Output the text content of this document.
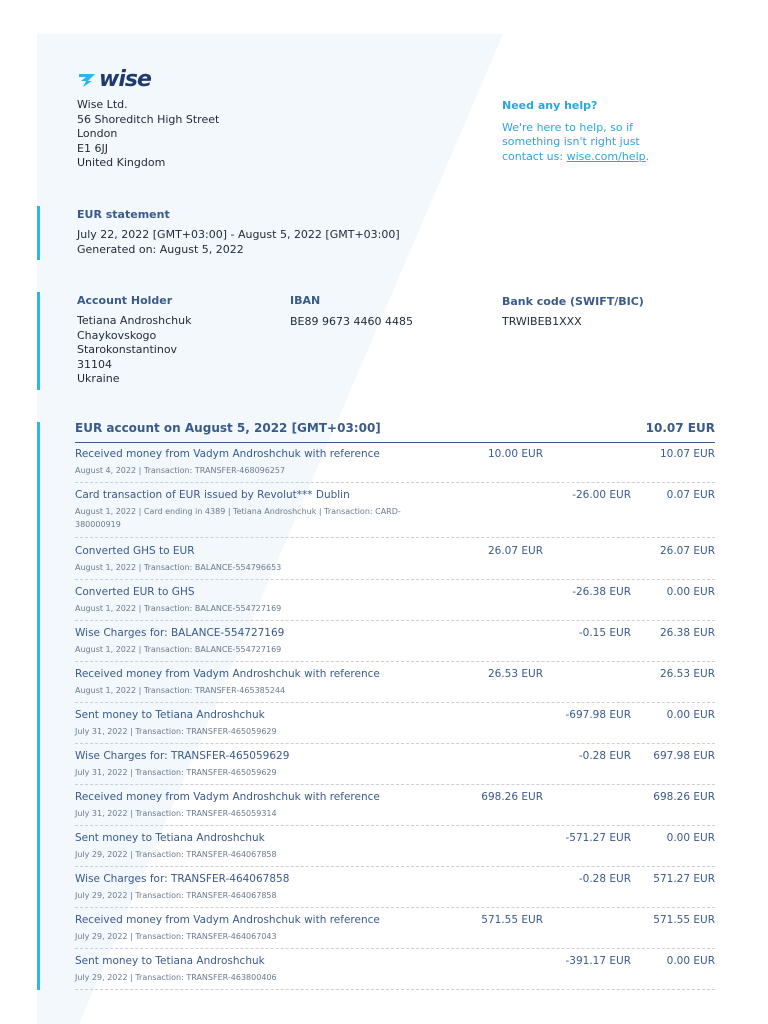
wise
Wise Ltd.
56 Shoreditch High Street
London
E1 6JJ
United Kingdom
Need any help?
We're here to help, so if something isn't right just contact us: wise.com/help.
EUR statement
July 22, 2022 [GMT+03:00] - August 5, 2022 [GMT+03:00]
Generated on: August 5, 2022
Account Holder
Tetiana Androshchuk
Chaykovskogo
Starokonstantinov
31104
Ukraine
IBAN
BE89 9673 4460 4485
Bank code (SWIFT/BIC)
TRWIBEB1XXX
EUR account on August 5, 2022 [GMT+03:00]	10.07 EUR
Received money from Vadym Androshchuk with reference
August 4, 2022 | Transaction: TRANSFER-468096257
10.00 EUR	10.07 EUR
Card transaction of EUR issued by Revolut*** Dublin
August 1, 2022 | Card ending in 4389 | Tetiana Androshchuk | Transaction: CARD-380000919
-26.00 EUR	0.07 EUR
Converted GHS to EUR
August 1, 2022 | Transaction: BALANCE-554796653
26.07 EUR	26.07 EUR
Converted EUR to GHS
August 1, 2022 | Transaction: BALANCE-554727169
-26.38 EUR	0.00 EUR
Wise Charges for: BALANCE-554727169
August 1, 2022 | Transaction: BALANCE-554727169
-0.15 EUR	26.38 EUR
Received money from Vadym Androshchuk with reference
August 1, 2022 | Transaction: TRANSFER-465385244
26.53 EUR	26.53 EUR
Sent money to Tetiana Androshchuk
July 31, 2022 | Transaction: TRANSFER-465059629
-697.98 EUR	0.00 EUR
Wise Charges for: TRANSFER-465059629
July 31, 2022 | Transaction: TRANSFER-465059629
-0.28 EUR 697.98 EUR
Received money from Vadym Androshchuk with reference
July 31, 2022 | Transaction: TRANSFER-465059314
698.26 EUR	698.26 EUR
Sent money to Tetiana Androshchuk
July 29, 2022 | Transaction: TRANSFER-464067858
-571.27 EUR	0.00 EUR
Wise Charges for: TRANSFER-464067858
July 29, 2022 | Transaction: TRANSFER-464067858
-0.28 EUR 571.27 EUR
Received money from Vadym Androshchuk with reference
July 29, 2022 | Transaction: TRANSFER-464067043
571.55 EUR	571.55 EUR
Sent money to Tetiana Androshchuk
July 29, 2022 | Transaction: TRANSFER-463800406
-391.17 EUR	0.00 EUR
